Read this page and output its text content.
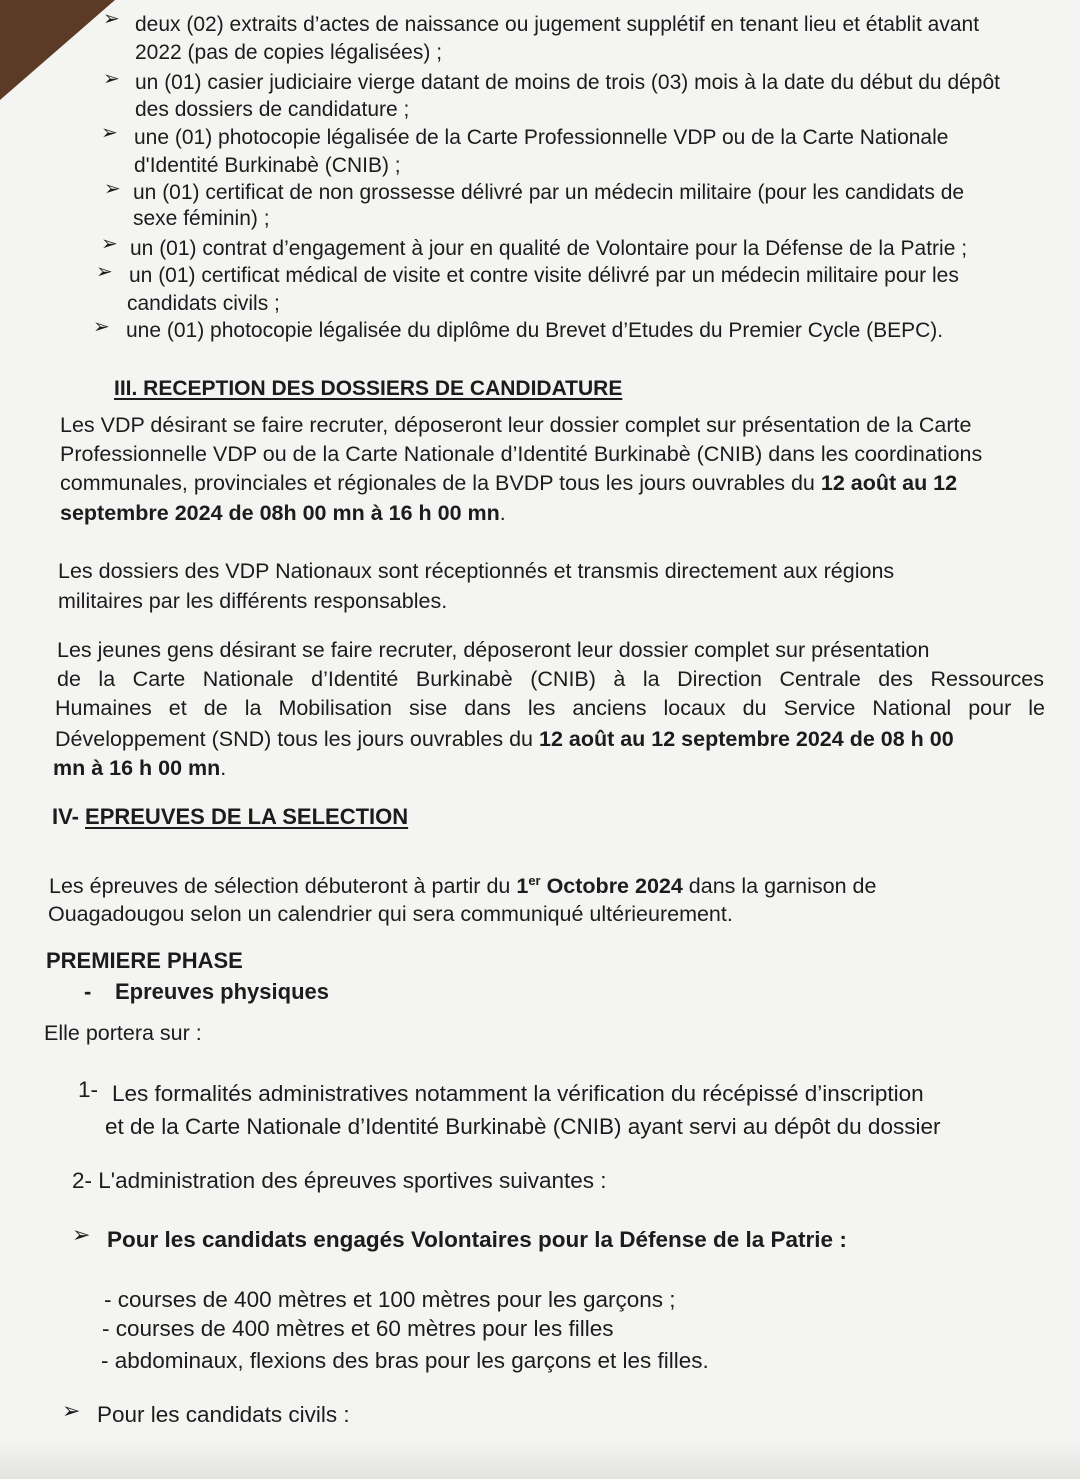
➢ deux (02) extraits d’actes de naissance ou jugement supplétif en tenant lieu et établit avant
2022 (pas de copies légalisées) ;
➢ un (01) casier judiciaire vierge datant de moins de trois (03) mois à la date du début du dépôt
des dossiers de candidature ;
➢ une (01) photocopie légalisée de la Carte Professionnelle VDP ou de la Carte Nationale
d'Identité Burkinabè (CNIB) ;
➢ un (01) certificat de non grossesse délivré par un médecin militaire (pour les candidats de
sexe féminin) ;
➢ un (01) contrat d’engagement à jour en qualité de Volontaire pour la Défense de la Patrie ;
➢ un (01) certificat médical de visite et contre visite délivré par un médecin militaire pour les
candidats civils ;
➢ une (01) photocopie légalisée du diplôme du Brevet d’Etudes du Premier Cycle (BEPC).
III. RECEPTION DES DOSSIERS DE CANDIDATURE
Les VDP désirant se faire recruter, déposeront leur dossier complet sur présentation de la Carte
Professionnelle VDP ou de la Carte Nationale d’Identité Burkinabè (CNIB) dans les coordinations
communales, provinciales et régionales de la BVDP tous les jours ouvrables du 12 août au 12
septembre 2024 de 08h 00 mn à 16 h 00 mn.
Les dossiers des VDP Nationaux sont réceptionnés et transmis directement aux régions
militaires par les différents responsables.
Les jeunes gens désirant se faire recruter, déposeront leur dossier complet sur présentation
de la Carte Nationale d’Identité Burkinabè (CNIB) à la Direction Centrale des Ressources
Humaines et de la Mobilisation sise dans les anciens locaux du Service National pour le
Développement (SND) tous les jours ouvrables du 12 août au 12 septembre 2024 de 08 h 00
mn à 16 h 00 mn.
IV- EPREUVES DE LA SELECTION
Les épreuves de sélection débuteront à partir du 1er Octobre 2024 dans la garnison de
Ouagadougou selon un calendrier qui sera communiqué ultérieurement.
PREMIERE PHASE
- Epreuves physiques
Elle portera sur :
1- Les formalités administratives notamment la vérification du récépissé d’inscription
et de la Carte Nationale d’Identité Burkinabè (CNIB) ayant servi au dépôt du dossier
2- L'administration des épreuves sportives suivantes :
➢ Pour les candidats engagés Volontaires pour la Défense de la Patrie :
- courses de 400 mètres et 100 mètres pour les garçons ;
- courses de 400 mètres et 60 mètres pour les filles
- abdominaux, flexions des bras pour les garçons et les filles.
➢ Pour les candidats civils :
